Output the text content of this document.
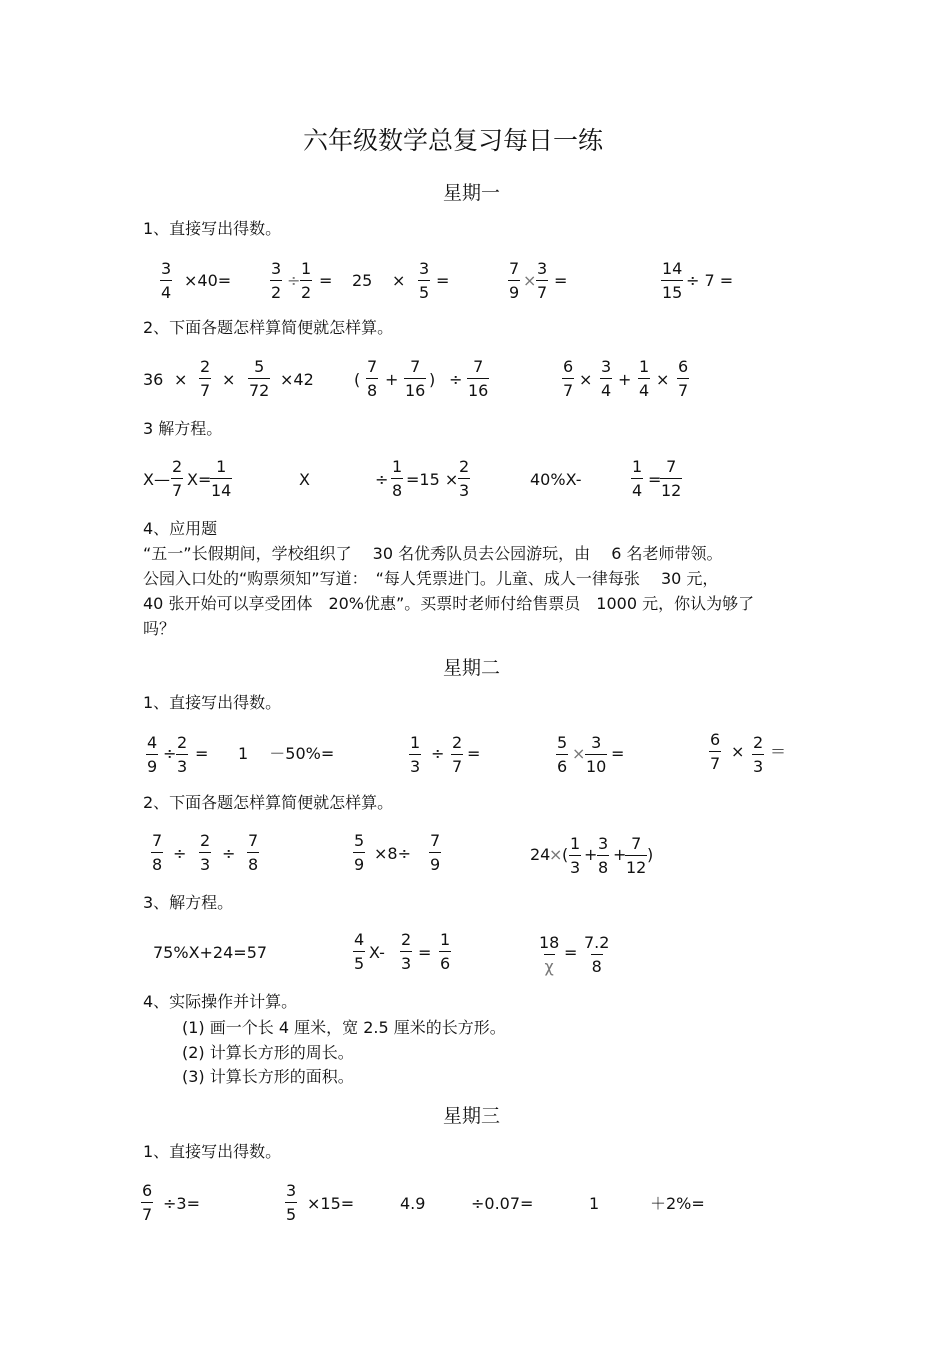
六年级数学总复习每日一练
星期一
1、直接写出得数。
3
4
×40=
3
2
÷
1
2
= 25 ×
3
5
=
7
9
×
3
7
=
14
15
÷ 7 =
2、下面各题怎样算简便就怎样算。
36 ×
2
7
×
5
72
×42	(
7
8
+
7
16
) ÷
7
16
6
7
×
3
4
+
1
4
×
6
7
3 解方程。
X—
2
7
X=
1
14
X	÷
1
8
=15 ×
2
3
40%X-
1
4
=
7
12
4、应用题
“五一”长假期间，学校组织了　 30 名优秀队员去公园游玩，由　 6 名老师带领。
公园入口处的“购票须知”写道：　“每人凭票进门。儿童、成人一律每张　 30 元，
40 张开始可以享受团体　20%优惠”。买票时老师付给售票员　1000 元，你认为够了
吗？
星期二
1、直接写出得数。
4
9
÷
2
3
= 1　 －50%=
1
3
÷
2
7
=
5
6
×
3
10
=
6
7
× 2
3
＝
2、下面各题怎样算简便就怎样算。
7
8
÷
2
3
÷
7
8
5
9
×8÷
7
9
24
× (
1
3
+
3
8
+
7
12
)
3、解方程。
75%X+24=57
4
5
X-
2
3
=
1
6
18
χ
=
7.2
8
4、实际操作并计算。
(1) 画一个长 4 厘米，宽 2.5 厘米的长方形。
(2) 计算长方形的周长。
(3) 计算长方形的面积。
星期三
1、直接写出得数。
6
7
÷3=
3
5
×15=	4.9	÷0.07=	1	＋2%=
